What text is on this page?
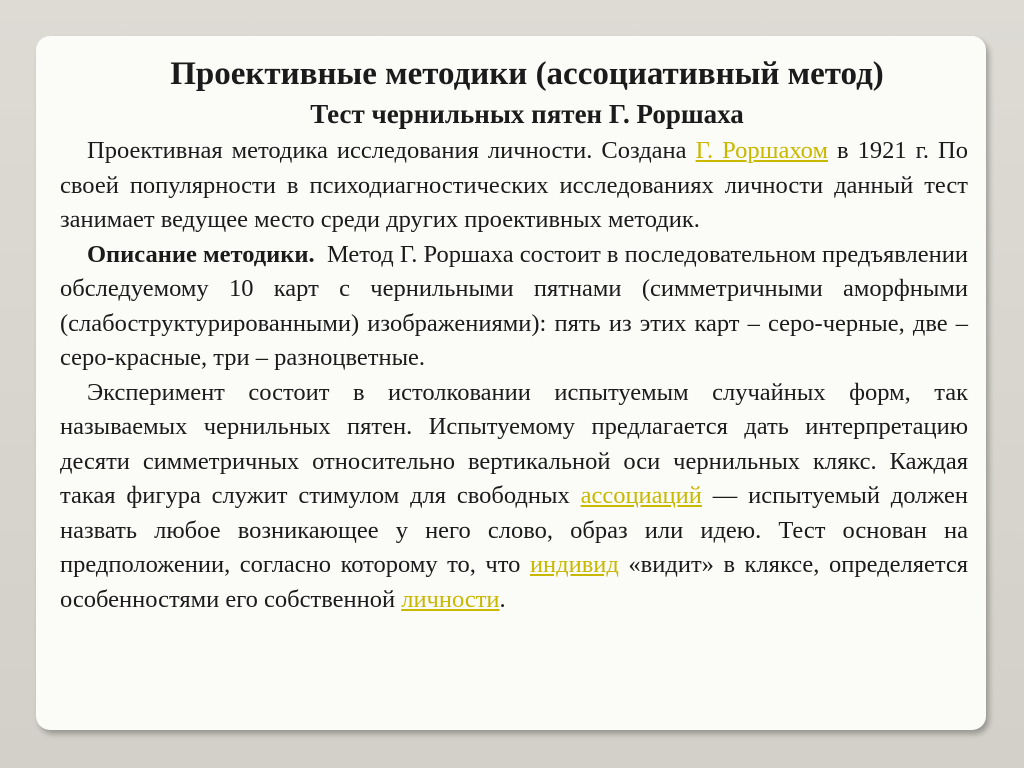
Проективные методики (ассоциативный метод)
Тест чернильных пятен Г. Роршаха

Проективная методика исследования личности. Создана Г. Роршахом в 1921 г. По своей популярности в психодиагностических исследованиях личности данный тест занимает ведущее место среди других проективных методик.

Описание методики.  Метод Г. Роршаха состоит в последовательном предъявлении обследуемому 10 карт с чернильными пятнами (симметричными аморфными (слабоструктурированными) изображениями): пять из этих карт – серо-черные, две – серо-красные, три – разноцветные.

Эксперимент состоит в истолковании испытуемым случайных форм, так называемых чернильных пятен. Испытуемому предлагается дать интерпретацию десяти симметричных относительно вертикальной оси чернильных клякс. Каждая такая фигура служит стимулом для свободных ассоциаций — испытуемый должен назвать любое возникающее у него слово, образ или идею. Тест основан на предположении, согласно которому то, что индивид «видит» в кляксе, определяется особенностями его собственной личности.
